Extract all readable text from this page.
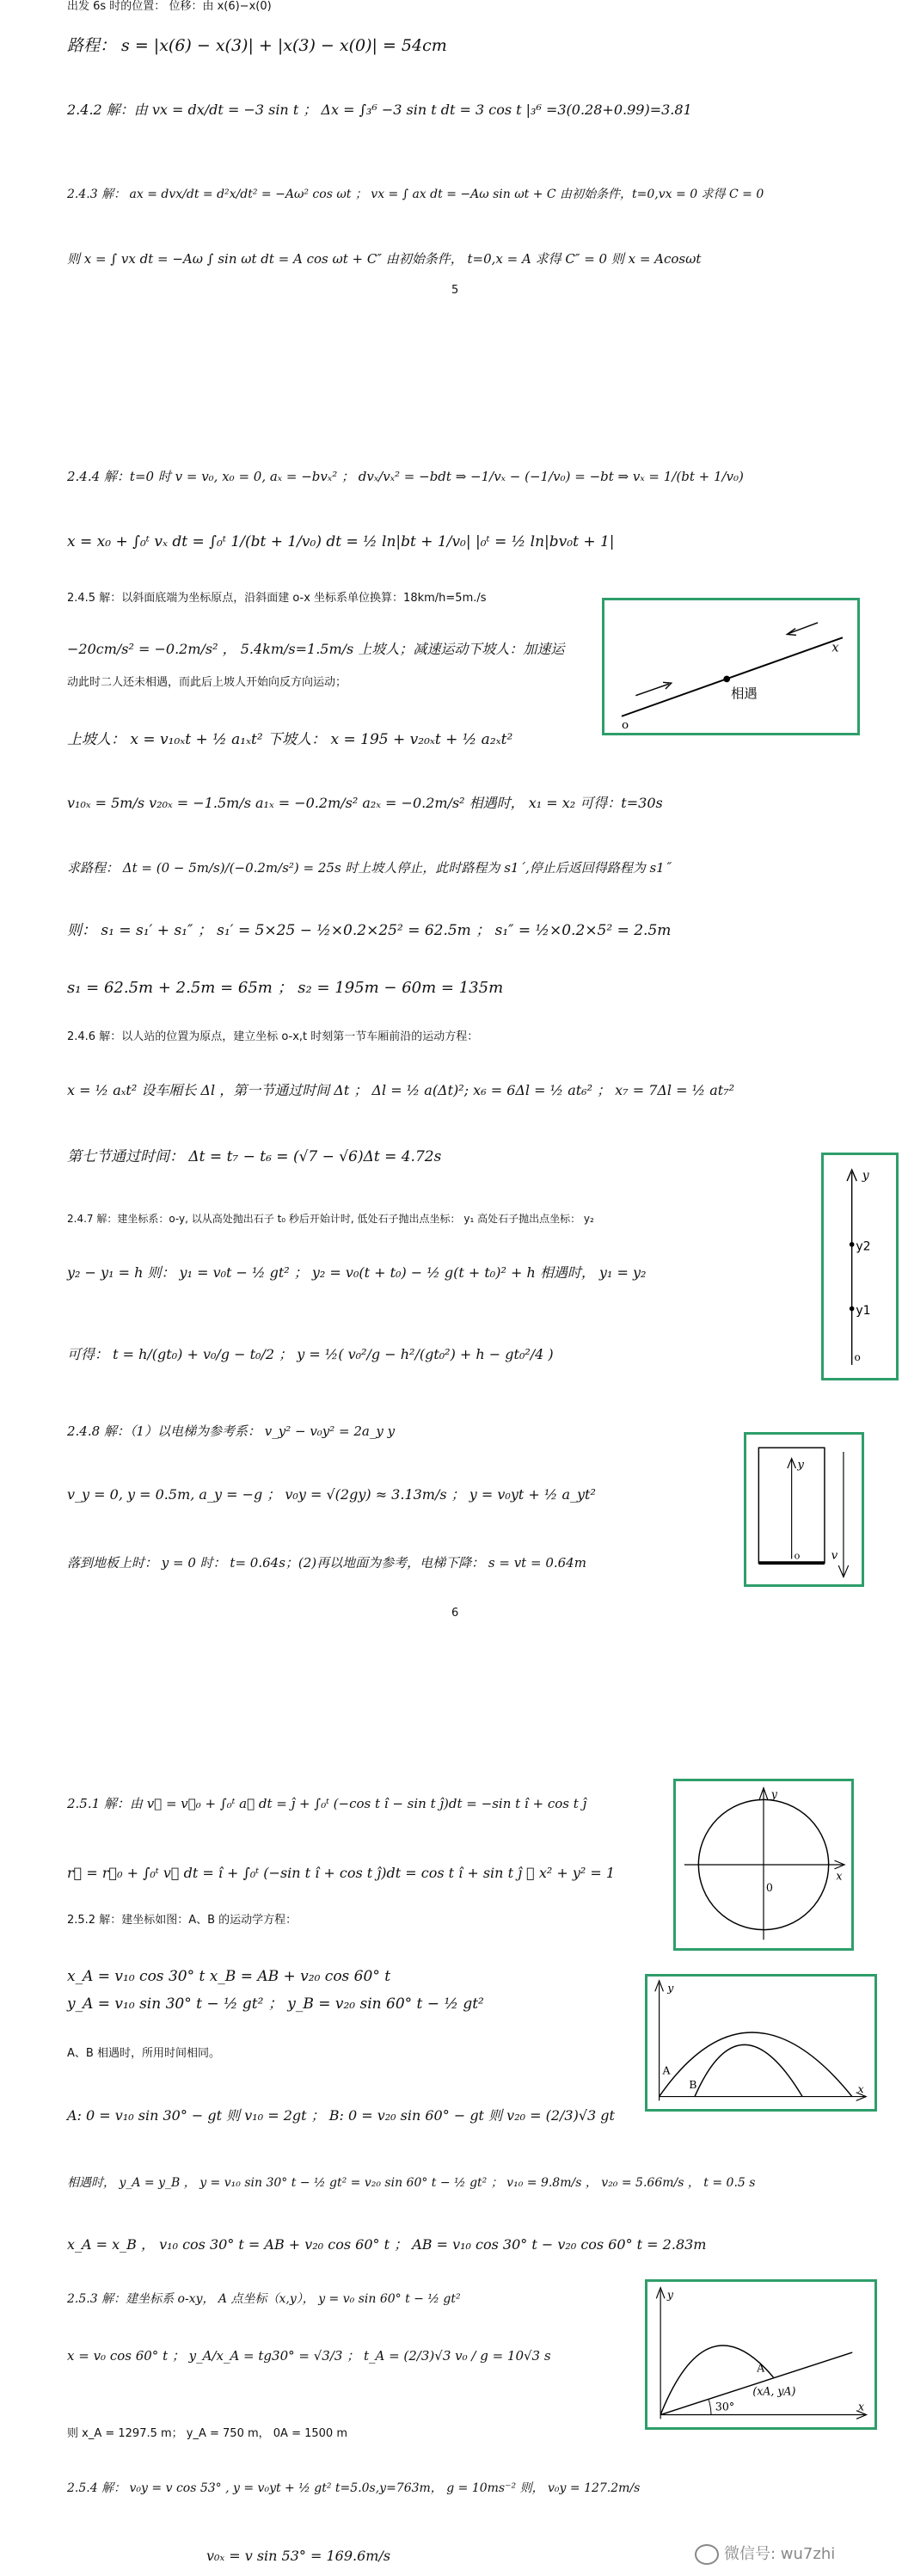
出发 6s 时的位置： 位移：由 x(6)−x(0)
路程： s = |x(6) − x(3)| + |x(3) − x(0)| = 54cm
2.4.2 解：由 vx = dx/dt = −3 sin t ； Δx = ∫₃⁶ −3 sin t dt = 3 cos t |₃⁶ =3(0.28+0.99)=3.81
2.4.3 解： ax = dvx/dt = d²x/dt² = −Aω² cos ωt ； vx = ∫ ax dt = −Aω sin ωt + C 由初始条件，t=0,vx = 0 求得 C = 0
则 x = ∫ vx dt = −Aω ∫ sin ωt dt = A cos ωt + C″ 由初始条件， t=0,x = A 求得 C″ = 0 则 x = Acosωt
5
2.4.4 解：t=0 时 v = v₀, x₀ = 0, aₓ = −bvₓ² ； dvₓ/vₓ² = −bdt ⇒ −1/vₓ − (−1/v₀) = −bt ⇒ vₓ = 1/(bt + 1/v₀)
x = x₀ + ∫₀ᵗ vₓ dt = ∫₀ᵗ 1/(bt + 1/v₀) dt = ½ ln|bt + 1/v₀| |₀ᵗ = ½ ln|bv₀t + 1|
2.4.5 解：以斜面底端为坐标原点，沿斜面建 o-x 坐标系单位换算：18km/h=5m./s
−20cm/s² = −0.2m/s² ， 5.4km/s=1.5m/s 上坡人；减速运动下坡人：加速运
动此时二人还未相遇，而此后上坡人开始向反方向运动；
上坡人： x = v₁₀ₓt + ½ a₁ₓt² 下坡人： x = 195 + v₂₀ₓt + ½ a₂ₓt²
v₁₀ₓ = 5m/s v₂₀ₓ = −1.5m/s a₁ₓ = −0.2m/s² a₂ₓ = −0.2m/s² 相遇时， x₁ = x₂ 可得：t=30s
求路程： Δt = (0 − 5m/s)/(−0.2m/s²) = 25s 时上坡人停止，此时路程为 s1´,停止后返回得路程为 s1˝
则： s₁ = s₁′ + s₁″ ； s₁′ = 5×25 − ½×0.2×25² = 62.5m ； s₁″ = ½×0.2×5² = 2.5m
s₁ = 62.5m + 2.5m = 65m ； s₂ = 195m − 60m = 135m
2.4.6 解：以人站的位置为原点，建立坐标 o-x,t 时刻第一节车厢前沿的运动方程：
x = ½ aₓt² 设车厢长 Δl ，第一节通过时间 Δt ； Δl = ½ a(Δt)²; x₆ = 6Δl = ½ at₆² ； x₇ = 7Δl = ½ at₇²
第七节通过时间： Δt = t₇ − t₆ = (√7 − √6)Δt = 4.72s
2.4.7 解：建坐标系：o-y, 以从高处抛出石子 t₀ 秒后开始计时, 低处石子抛出点坐标： y₁ 高处石子抛出点坐标： y₂
y₂ − y₁ = h 则： y₁ = v₀t − ½ gt² ； y₂ = v₀(t + t₀) − ½ g(t + t₀)² + h 相遇时， y₁ = y₂
可得： t = h/(gt₀) + v₀/g − t₀/2 ； y = ½( v₀²/g − h²/(gt₀²) + h − gt₀²/4 )
2.4.8 解：（1）以电梯为参考系： v_y² − v₀y² = 2a_y y
v_y = 0, y = 0.5m, a_y = −g ； v₀y = √(2gy) ≈ 3.13m/s ； y = v₀yt + ½ a_yt²
落到地板上时： y = 0 时： t= 0.64s；(2)再以地面为参考，电梯下降： s = vt = 0.64m
6
2.5.1 解：由 v⃗ = v⃗₀ + ∫₀ᵗ a⃗ dt = ĵ + ∫₀ᵗ (−cos t î − sin t ĵ)dt = −sin t î + cos t ĵ
r⃗ = r⃗₀ + ∫₀ᵗ v⃗ dt = î + ∫₀ᵗ (−sin t î + cos t ĵ)dt = cos t î + sin t ĵ ； x² + y² = 1
2.5.2 解：建坐标如图：A、B 的运动学方程：
x_A = v₁₀ cos 30° t x_B = AB + v₂₀ cos 60° t
y_A = v₁₀ sin 30° t − ½ gt² ； y_B = v₂₀ sin 60° t − ½ gt²
A、B 相遇时，所用时间相同。
A: 0 = v₁₀ sin 30° − gt 则 v₁₀ = 2gt ； B: 0 = v₂₀ sin 60° − gt 则 v₂₀ = (2/3)√3 gt
相遇时， y_A = y_B ， y = v₁₀ sin 30° t − ½ gt² = v₂₀ sin 60° t − ½ gt² ； v₁₀ = 9.8m/s ， v₂₀ = 5.66m/s ， t = 0.5 s
x_A = x_B ， v₁₀ cos 30° t = AB + v₂₀ cos 60° t ； AB = v₁₀ cos 30° t − v₂₀ cos 60° t = 2.83m
2.5.3 解：建坐标系 o-xy， A 点坐标（x,y）， y = v₀ sin 60° t − ½ gt²
x = v₀ cos 60° t ； y_A/x_A = tg30° = √3/3 ； t_A = (2/3)√3 v₀ / g = 10√3 s
则 x_A = 1297.5 m； y_A = 750 m， 0A = 1500 m
2.5.4 解： v₀y = v cos 53° , y = v₀yt + ½ gt² t=5.0s,y=763m， g = 10ms⁻² 则， v₀y = 127.2m/s
v₀ₓ = v sin 53° = 169.6m/s
x
相遇
o
y
y2
y1
o
y
o	v
y
0
x
y
A
B	x
y
A
(xA, yA)
30°	x
微信号: wu7zhi
